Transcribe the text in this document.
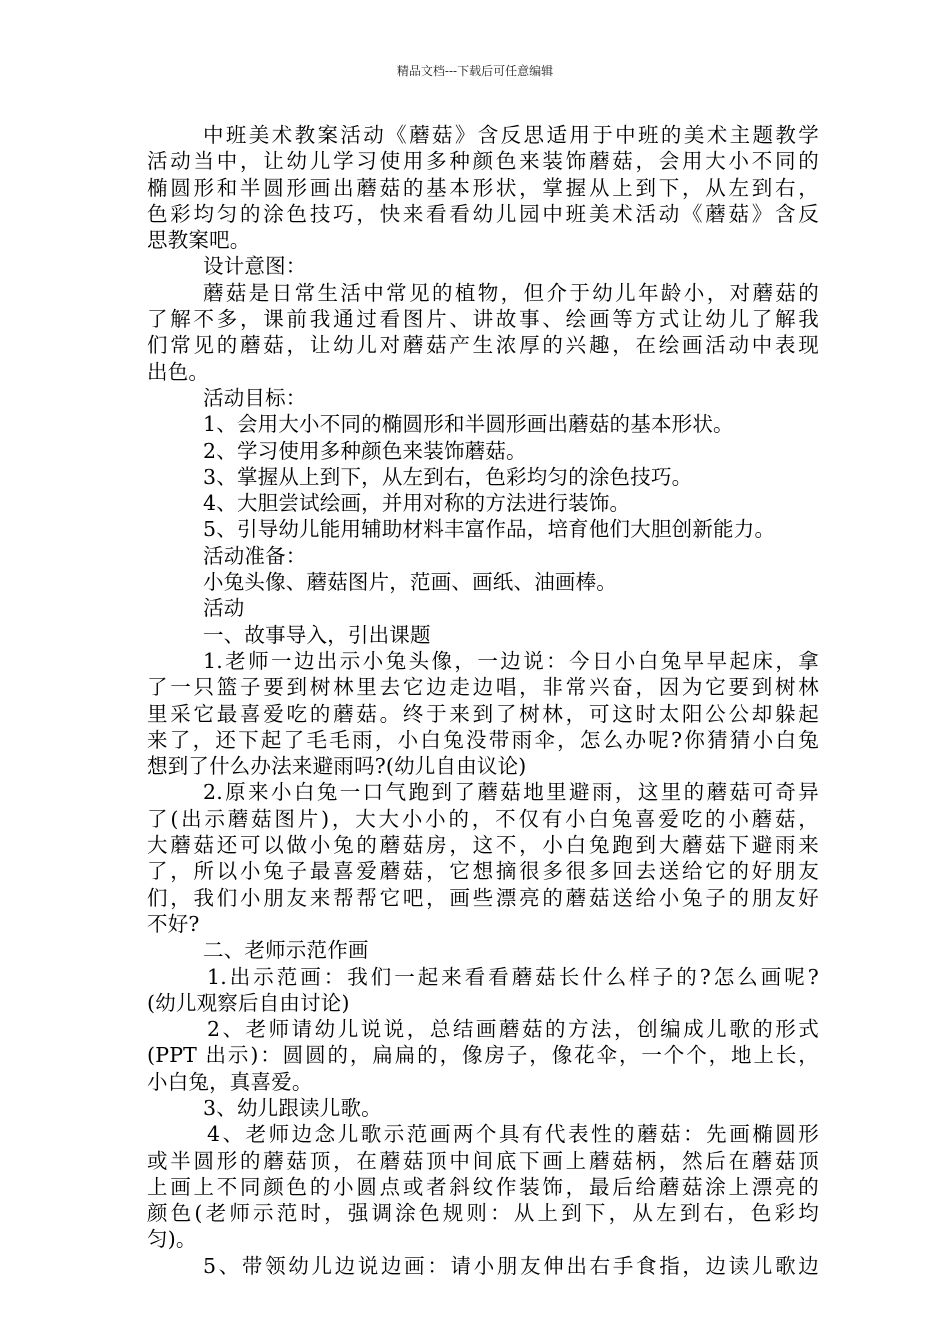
精品文档---下载后可任意编辑
中班美术教案活动《蘑菇》含反思适用于中班的美术主题教学
活动当中，让幼儿学习使用多种颜色来装饰蘑菇，会用大小不同的
椭圆形和半圆形画出蘑菇的基本形状，掌握从上到下，从左到右，
色彩均匀的涂色技巧，快来看看幼儿园中班美术活动《蘑菇》含反
思教案吧。
设计意图：
蘑菇是日常生活中常见的植物，但介于幼儿年龄小，对蘑菇的
了解不多，课前我通过看图片、讲故事、绘画等方式让幼儿了解我
们常见的蘑菇，让幼儿对蘑菇产生浓厚的兴趣，在绘画活动中表现
出色。
活动目标：
1、会用大小不同的椭圆形和半圆形画出蘑菇的基本形状。
2、学习使用多种颜色来装饰蘑菇。
3、掌握从上到下，从左到右，色彩均匀的涂色技巧。
4、大胆尝试绘画，并用对称的方法进行装饰。
5、引导幼儿能用辅助材料丰富作品，培育他们大胆创新能力。
活动准备：
小兔头像、蘑菇图片，范画、画纸、油画棒。
活动
一、故事导入，引出课题
1.老师一边出示小兔头像，一边说：今日小白兔早早起床，拿
了一只篮子要到树林里去它边走边唱，非常兴奋，因为它要到树林
里采它最喜爱吃的蘑菇。终于来到了树林，可这时太阳公公却躲起
来了，还下起了毛毛雨，小白兔没带雨伞，怎么办呢?你猜猜小白兔
想到了什么办法来避雨吗?(幼儿自由议论)
2.原来小白兔一口气跑到了蘑菇地里避雨，这里的蘑菇可奇异
了(出示蘑菇图片)，大大小小的，不仅有小白兔喜爱吃的小蘑菇，
大蘑菇还可以做小兔的蘑菇房，这不，小白兔跑到大蘑菇下避雨来
了，所以小兔子最喜爱蘑菇，它想摘很多很多回去送给它的好朋友
们，我们小朋友来帮帮它吧，画些漂亮的蘑菇送给小兔子的朋友好
不好?
二、老师示范作画
1.出示范画：我们一起来看看蘑菇长什么样子的?怎么画呢?
(幼儿观察后自由讨论)
2、老师请幼儿说说，总结画蘑菇的方法，创编成儿歌的形式
(PPT 出示)：圆圆的，扁扁的，像房子，像花伞，一个个，地上长，
小白兔，真喜爱。
3、幼儿跟读儿歌。
4、老师边念儿歌示范画两个具有代表性的蘑菇：先画椭圆形
或半圆形的蘑菇顶，在蘑菇顶中间底下画上蘑菇柄，然后在蘑菇顶
上画上不同颜色的小圆点或者斜纹作装饰，最后给蘑菇涂上漂亮的
颜色(老师示范时，强调涂色规则：从上到下，从左到右，色彩均
匀)。
5、带领幼儿边说边画：请小朋友伸出右手食指，边读儿歌边
